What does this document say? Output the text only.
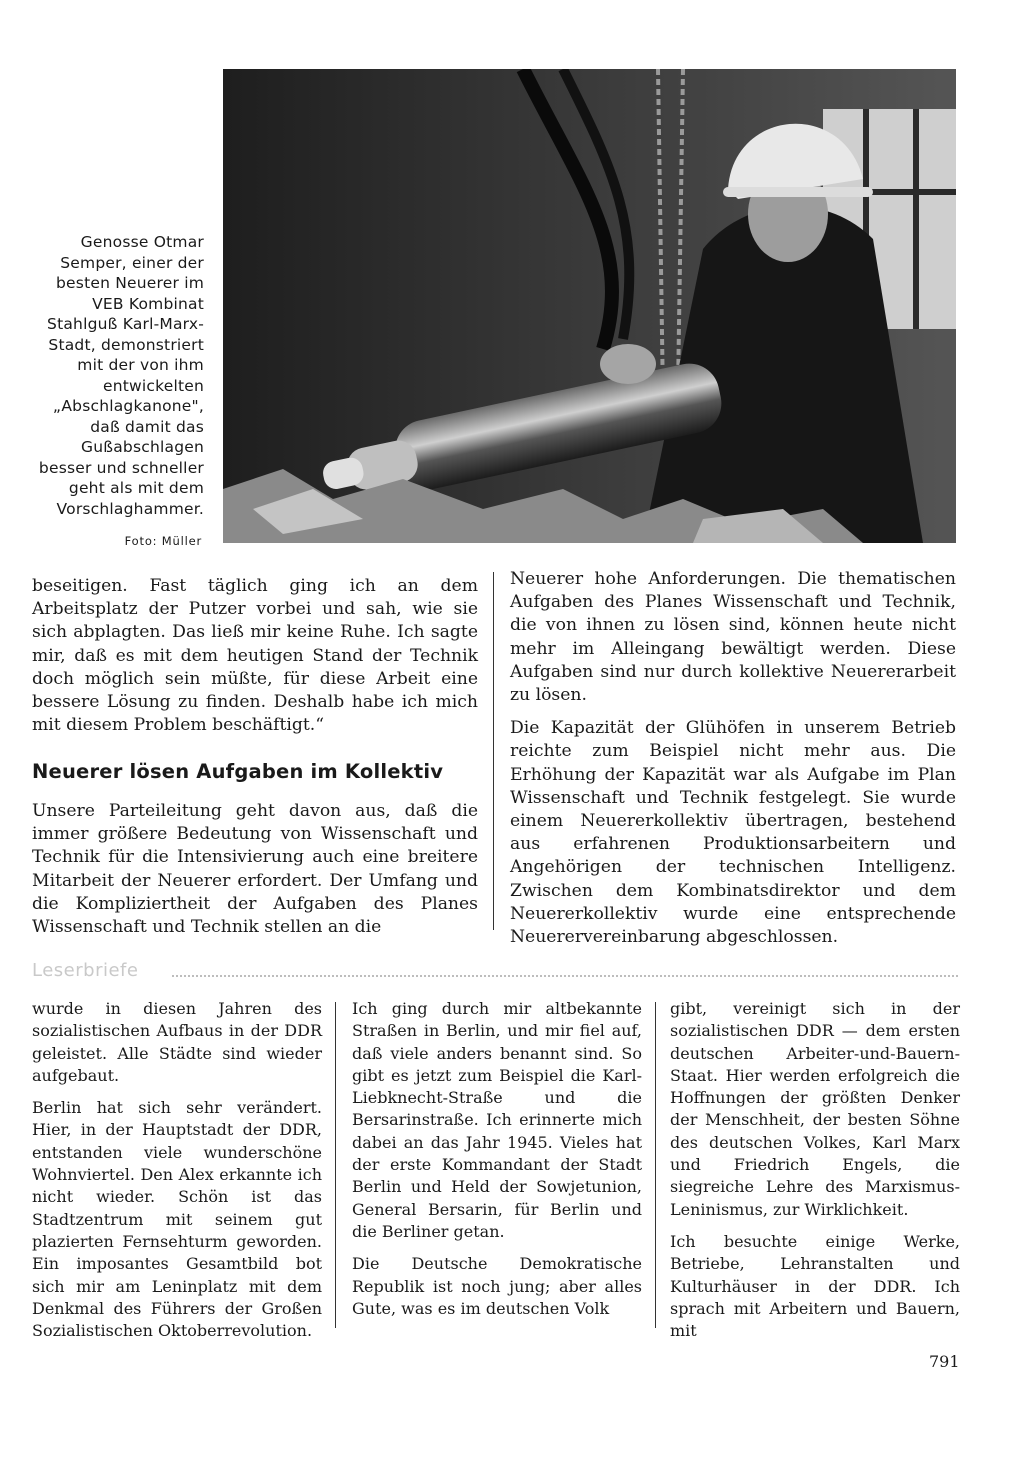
Genosse Otmar Semper, einer der besten Neuerer im VEB Kombinat Stahlguß Karl-Marx-Stadt, demonstriert mit der von ihm entwickelten „Abschlagkanone", daß damit das Gußabschlagen besser und schneller geht als mit dem Vorschlaghammer.

Foto: Müller

beseitigen. Fast täglich ging ich an dem Arbeitsplatz der Putzer vorbei und sah, wie sie sich abplagten. Das ließ mir keine Ruhe. Ich sagte mir, daß es mit dem heutigen Stand der Technik doch möglich sein müßte, für diese Arbeit eine bessere Lösung zu finden. Deshalb habe ich mich mit diesem Problem beschäftigt.“

Neuerer lösen Aufgaben im Kollektiv

Unsere Parteileitung geht davon aus, daß die immer größere Bedeutung von Wissenschaft und Technik für die Intensivierung auch eine breitere Mitarbeit der Neuerer erfordert. Der Umfang und die Kompliziertheit der Aufgaben des Planes Wissenschaft und Technik stellen an die

Neuerer hohe Anforderungen. Die thematischen Aufgaben des Planes Wissenschaft und Technik, die von ihnen zu lösen sind, können heute nicht mehr im Alleingang bewältigt werden. Diese Aufgaben sind nur durch kollektive Neuererarbeit zu lösen.

Die Kapazität der Glühöfen in unserem Betrieb reichte zum Beispiel nicht mehr aus. Die Erhöhung der Kapazität war als Aufgabe im Plan Wissenschaft und Technik festgelegt. Sie wurde einem Neuererkollektiv übertragen, bestehend aus erfahrenen Produktionsarbeitern und Angehörigen der technischen Intelligenz. Zwischen dem Kombinatsdirektor und dem Neuererkollektiv wurde eine entsprechende Neuerervereinbarung abgeschlossen.

Leserbriefe

wurde in diesen Jahren des sozialistischen Aufbaus in der DDR geleistet. Alle Städte sind wieder aufgebaut.

Berlin hat sich sehr verändert. Hier, in der Hauptstadt der DDR, entstanden viele wunderschöne Wohnviertel. Den Alex erkannte ich nicht wieder. Schön ist das Stadtzentrum mit seinem gut plazierten Fernsehturm geworden. Ein imposantes Gesamtbild bot sich mir am Leninplatz mit dem Denkmal des Führers der Großen Sozialistischen Oktoberrevolution.

Ich ging durch mir altbekannte Straßen in Berlin, und mir fiel auf, daß viele anders benannt sind. So gibt es jetzt zum Beispiel die Karl-Liebknecht-Straße und die Bersarinstraße. Ich erinnerte mich dabei an das Jahr 1945. Vieles hat der erste Kommandant der Stadt Berlin und Held der Sowjetunion, General Bersarin, für Berlin und die Berliner getan.

Die Deutsche Demokratische Republik ist noch jung; aber alles Gute, was es im deutschen Volk

gibt, vereinigt sich in der sozialistischen DDR — dem ersten deutschen Arbeiter-und-Bauern-Staat. Hier werden erfolgreich die Hoffnungen der größten Denker der Menschheit, der besten Söhne des deutschen Volkes, Karl Marx und Friedrich Engels, die siegreiche Lehre des Marxismus-Leninismus, zur Wirklichkeit.

Ich besuchte einige Werke, Betriebe, Lehranstalten und Kulturhäuser in der DDR. Ich sprach mit Arbeitern und Bauern, mit

791
